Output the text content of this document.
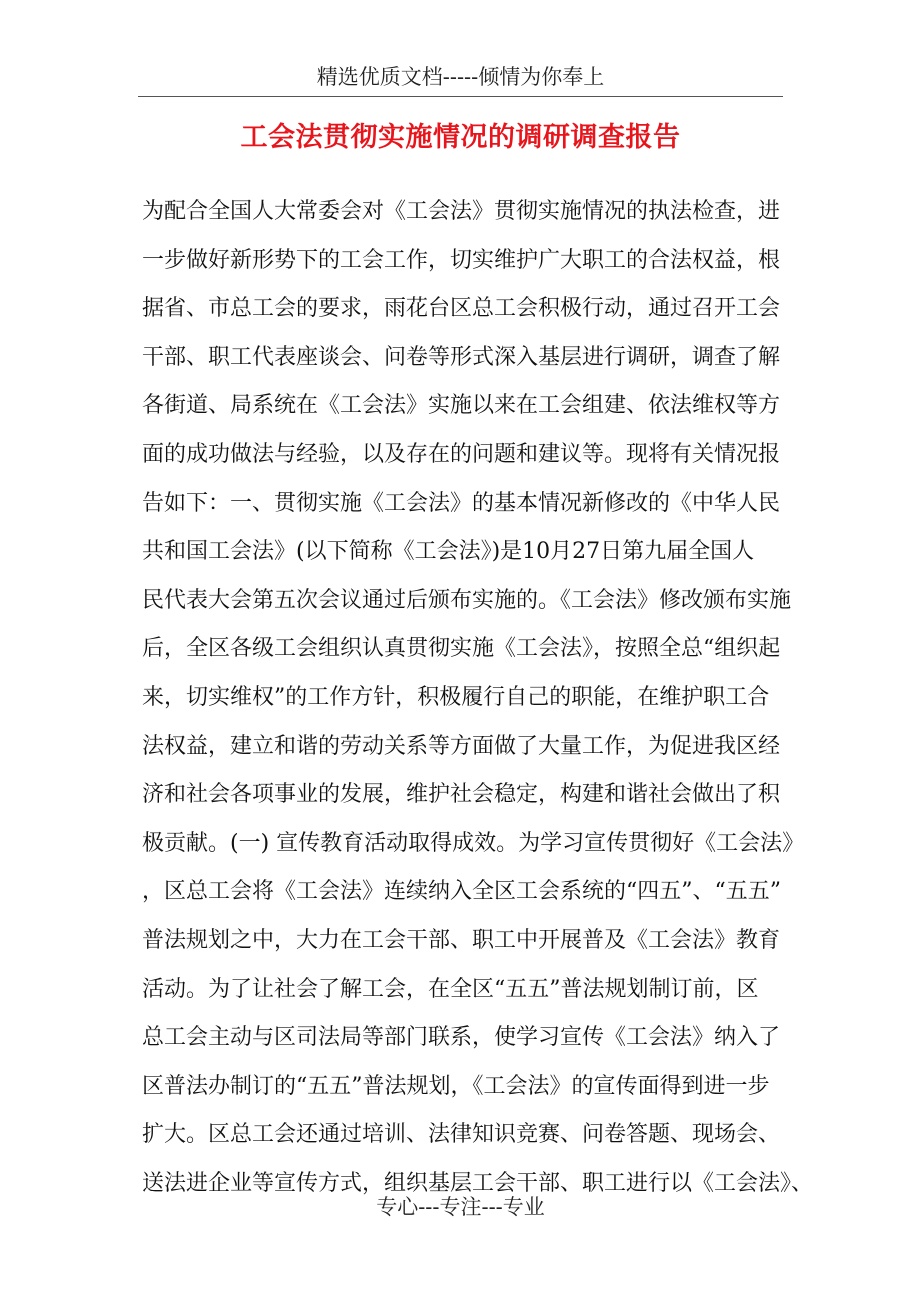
精选优质文档-----倾情为你奉上
工会法贯彻实施情况的调研调查报告
为配合全国人大常委会对《工会法》贯彻实施情况的执法检查，进
一步做好新形势下的工会工作，切实维护广大职工的合法权益，根
据省、市总工会的要求，雨花台区总工会积极行动，通过召开工会
干部、职工代表座谈会、问卷等形式深入基层进行调研，调查了解
各街道、局系统在《工会法》实施以来在工会组建、依法维权等方
面的成功做法与经验，以及存在的问题和建议等。现将有关情况报
告如下：一、贯彻实施《工会法》的基本情况新修改的《中华人民
共和国工会法》(以下简称《工会法》)是10月27日第九届全国人
民代表大会第五次会议通过后颁布实施的。《工会法》修改颁布实施
后，全区各级工会组织认真贯彻实施《工会法》，按照全总“组织起
来，切实维权”的工作方针，积极履行自己的职能，在维护职工合
法权益，建立和谐的劳动关系等方面做了大量工作，为促进我区经
济和社会各项事业的发展，维护社会稳定，构建和谐社会做出了积
极贡献。(一) 宣传教育活动取得成效。为学习宣传贯彻好《工会法》
，区总工会将《工会法》连续纳入全区工会系统的“四五”、“五五”
普法规划之中，大力在工会干部、职工中开展普及《工会法》教育
活动。为了让社会了解工会，在全区“五五”普法规划制订前，区
总工会主动与区司法局等部门联系，使学习宣传《工会法》纳入了
区普法办制订的“五五”普法规划，《工会法》的宣传面得到进一步
扩大。区总工会还通过培训、法律知识竞赛、问卷答题、现场会、
送法进企业等宣传方式，组织基层工会干部、职工进行以《工会法》、
专心---专注---专业
